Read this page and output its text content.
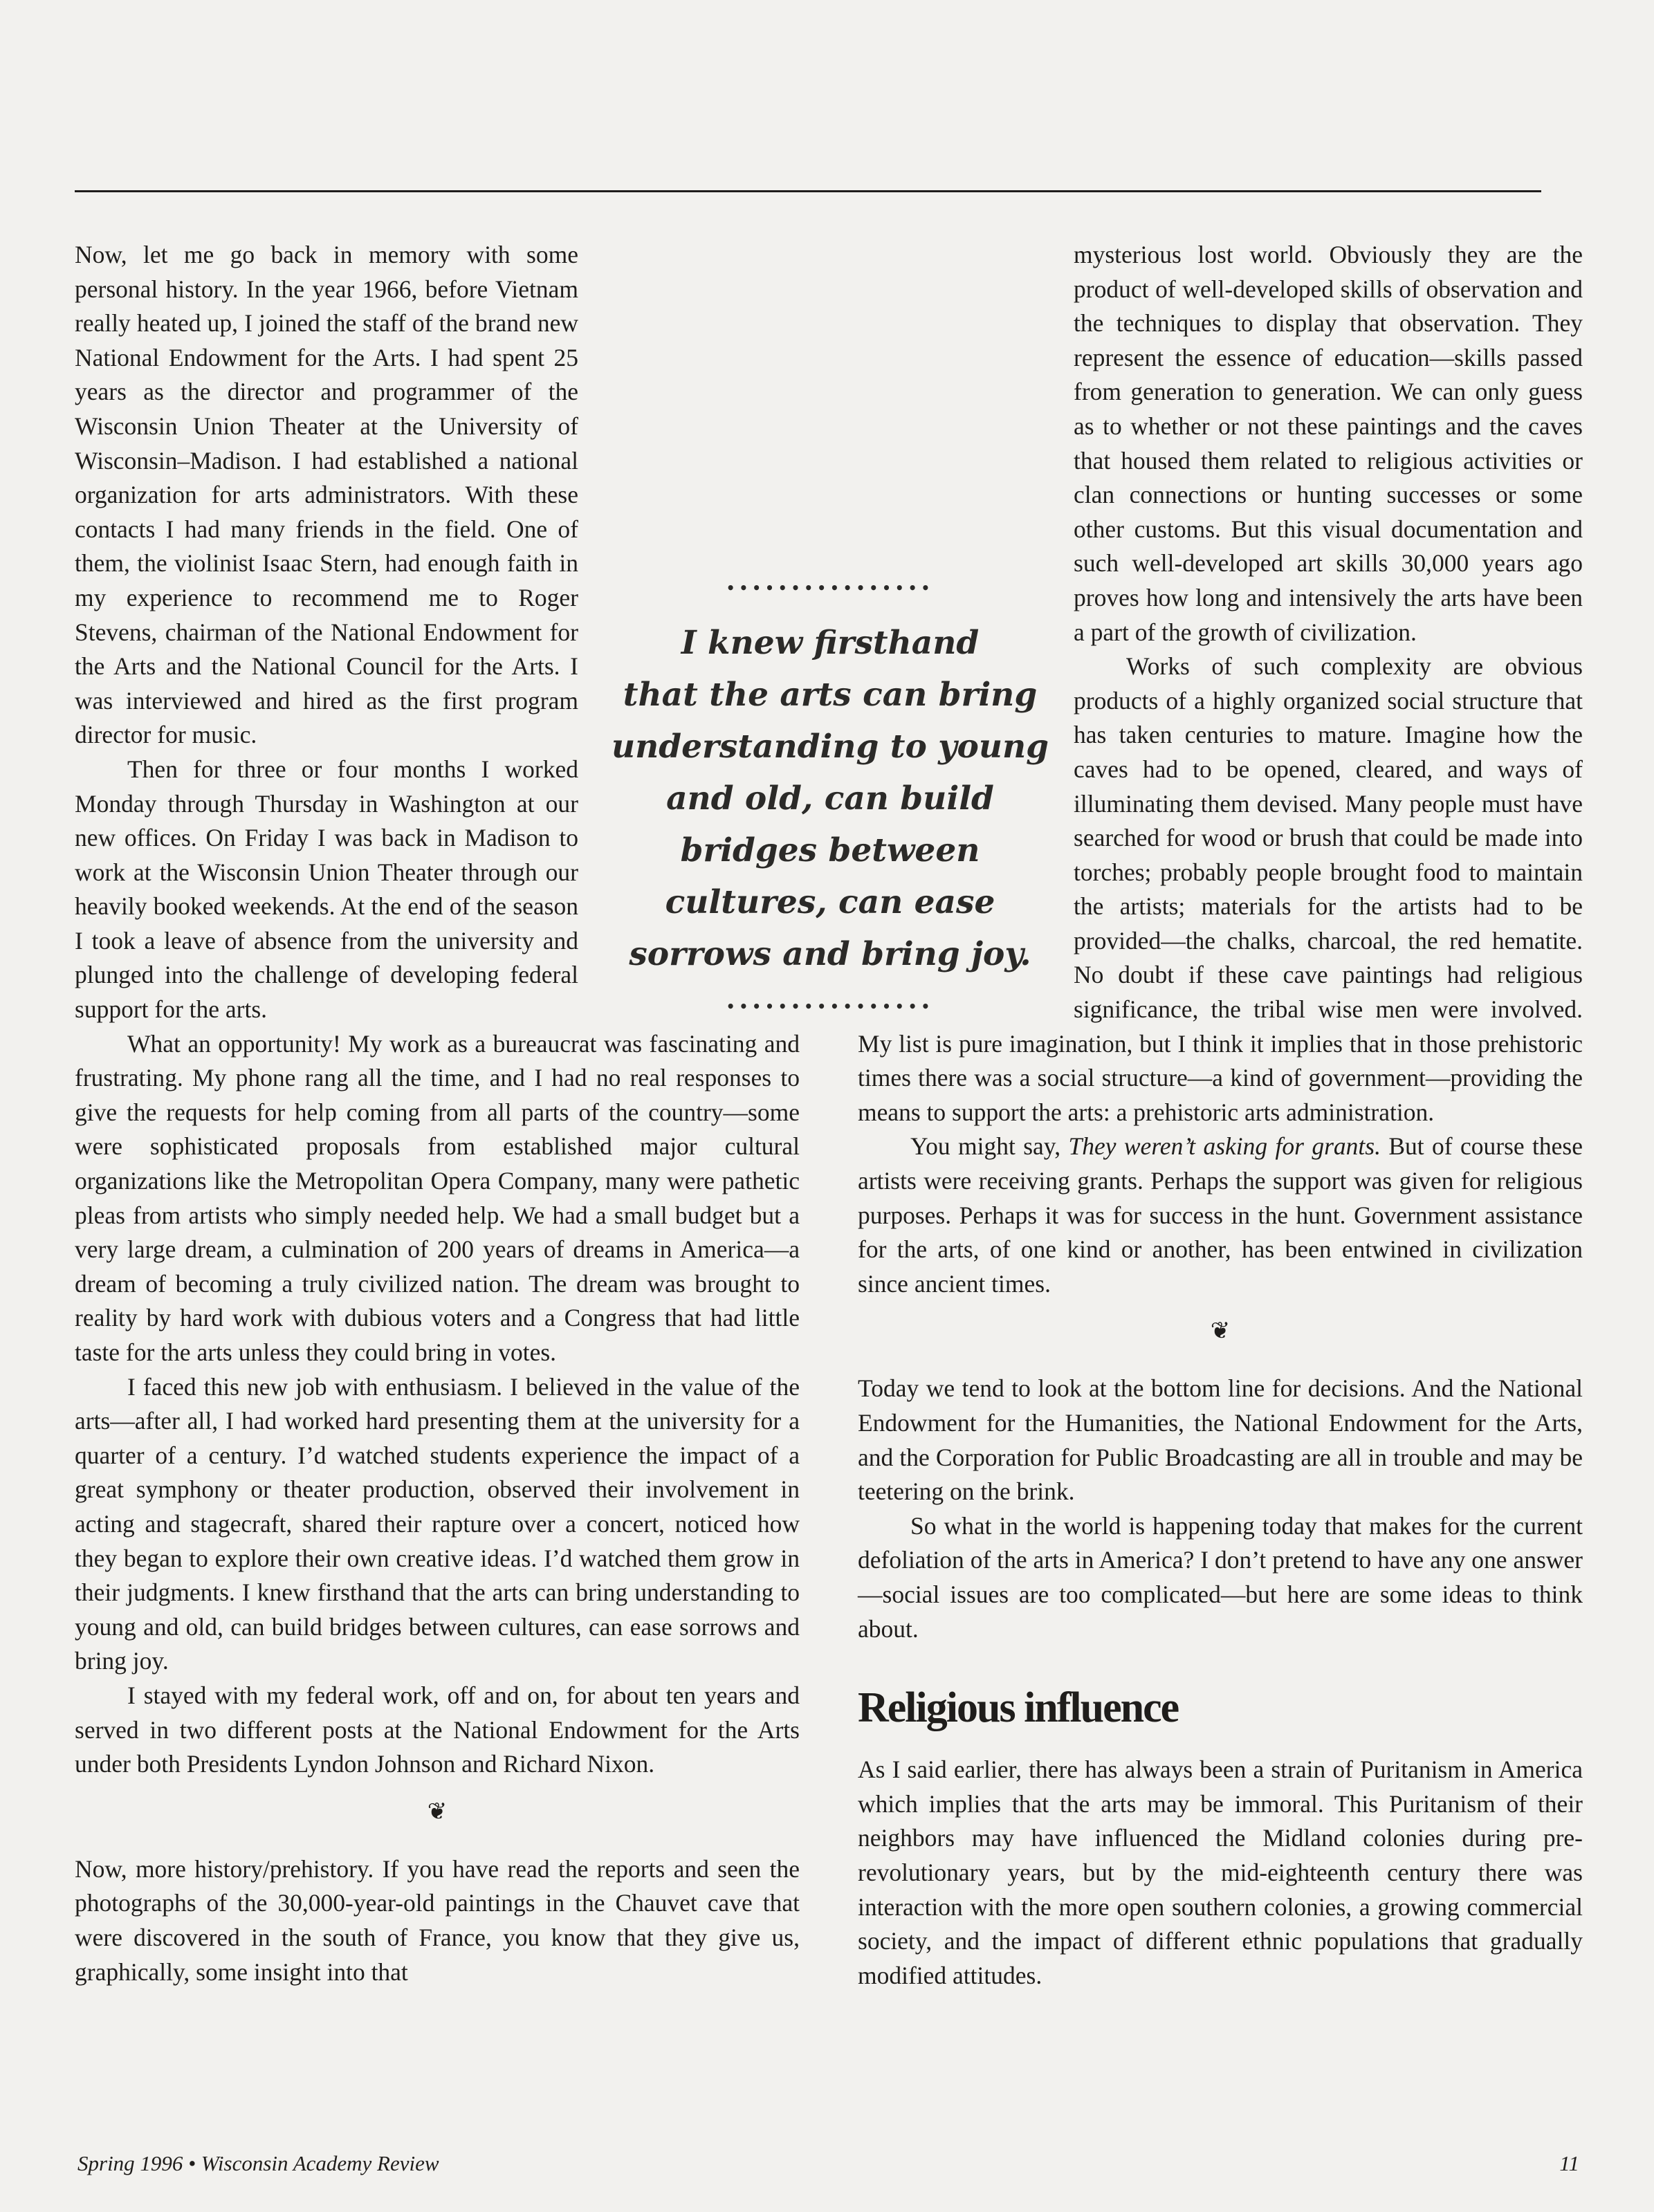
Now, let me go back in memory with some personal history. In the year 1966, before Vietnam really heated up, I joined the staff of the brand new National Endowment for the Arts. I had spent 25 years as the director and programmer of the Wisconsin Union Theater at the University of Wisconsin–Madison. I had established a national organization for arts administrators. With these contacts I had many friends in the field. One of them, the violinist Isaac Stern, had enough faith in my experience to recommend me to Roger Stevens, chairman of the National Endowment for the Arts and the National Council for the Arts. I was interviewed and hired as the first program director for music.

Then for three or four months I worked Monday through Thursday in Washington at our new offices. On Friday I was back in Madison to work at the Wisconsin Union Theater through our heavily booked weekends. At the end of the season I took a leave of absence from the university and plunged into the challenge of developing federal support for the arts.

What an opportunity! My work as a bureaucrat was fascinating and frustrating. My phone rang all the time, and I had no real responses to give the requests for help coming from all parts of the country—some were sophisticated proposals from established major cultural organizations like the Metropolitan Opera Company, many were pathetic pleas from artists who simply needed help. We had a small budget but a very large dream, a culmination of 200 years of dreams in America—a dream of becoming a truly civilized nation. The dream was brought to reality by hard work with dubious voters and a Congress that had little taste for the arts unless they could bring in votes.

I faced this new job with enthusiasm. I believed in the value of the arts—after all, I had worked hard presenting them at the university for a quarter of a century. I’d watched students experience the impact of a great symphony or theater production, observed their involvement in acting and stagecraft, shared their rapture over a concert, noticed how they began to explore their own creative ideas. I’d watched them grow in their judgments. I knew firsthand that the arts can bring understanding to young and old, can build bridges between cultures, can ease sorrows and bring joy.

I stayed with my federal work, off and on, for about ten years and served in two different posts at the National Endowment for the Arts under both Presidents Lyndon Johnson and Richard Nixon.

❦

Now, more history/prehistory. If you have read the reports and seen the photographs of the 30,000-year-old paintings in the Chauvet cave that were discovered in the south of France, you know that they give us, graphically, some insight into that

mysterious lost world. Obviously they are the product of well-developed skills of observation and the techniques to display that observation. They represent the essence of education—skills passed from generation to generation. We can only guess as to whether or not these paintings and the caves that housed them related to religious activities or clan connections or hunting successes or some other customs. But this visual documentation and such well-developed art skills 30,000 years ago proves how long and intensively the arts have been a part of the growth of civilization.

Works of such complexity are obvious products of a highly organized social structure that has taken centuries to mature. Imagine how the caves had to be opened, cleared, and ways of illuminating them devised. Many people must have searched for wood or brush that could be made into torches; probably people brought food to maintain the artists; materials for the artists had to be provided—the chalks, charcoal, the red hematite. No doubt if these cave paintings had religious significance, the tribal wise men were involved. My list is pure imagination, but I think it implies that in those prehistoric times there was a social structure—a kind of government—providing the means to support the arts: a prehistoric arts administration.

You might say, They weren’t asking for grants. But of course these artists were receiving grants. Perhaps the support was given for religious purposes. Perhaps it was for success in the hunt. Government assistance for the arts, of one kind or another, has been entwined in civilization since ancient times.

❦

Today we tend to look at the bottom line for decisions. And the National Endowment for the Humanities, the National Endowment for the Arts, and the Corporation for Public Broadcasting are all in trouble and may be teetering on the brink.

So what in the world is happening today that makes for the current defoliation of the arts in America? I don’t pretend to have any one answer—social issues are too complicated—but here are some ideas to think about.

Religious influence

As I said earlier, there has always been a strain of Puritanism in America which implies that the arts may be immoral. This Puritanism of their neighbors may have influenced the Midland colonies during pre-revolutionary years, but by the mid-eighteenth century there was interaction with the more open southern colonies, a growing commercial society, and the impact of different ethnic populations that gradually modified attitudes.

••••••••••••••••
I knew firsthand
that the arts can bring
understanding to young
and old, can build
bridges between
cultures, can ease
sorrows and bring joy.
••••••••••••••••
Spring 1996 • Wisconsin Academy Review	11
